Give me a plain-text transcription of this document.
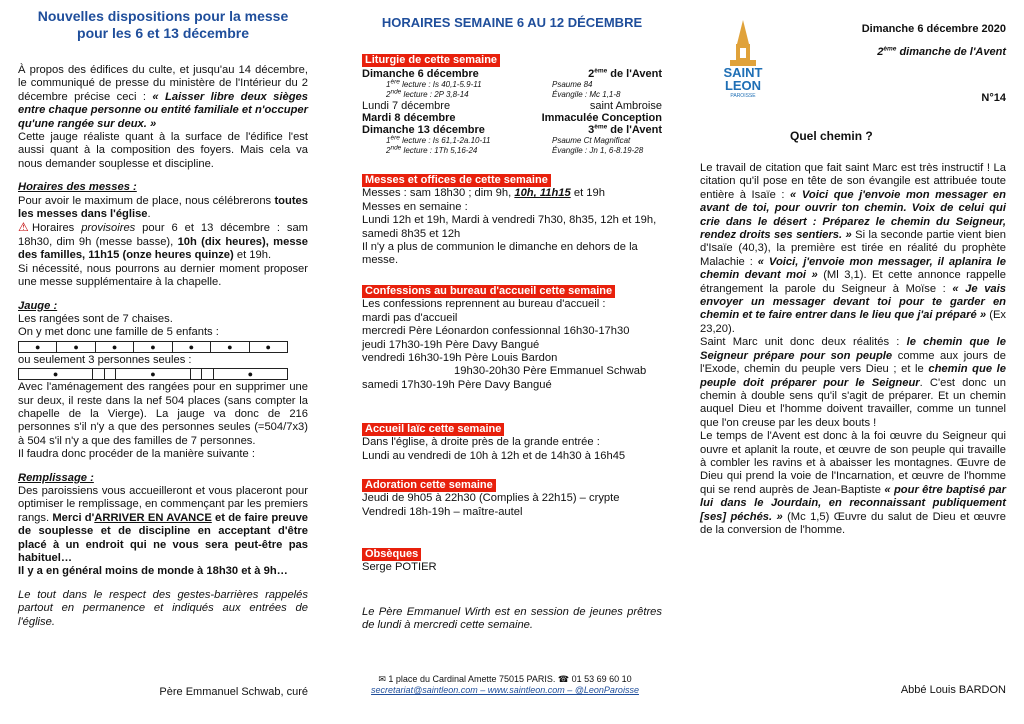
Nouvelles dispositions pour la messe
pour les 6 et 13 décembre

À propos des édifices du culte, et jusqu'au 14 décembre, le communiqué de presse du ministère de l'Intérieur du 2 décembre précise ceci : « Laisser libre deux sièges entre chaque personne ou entité familiale et n'occuper qu'une rangée sur deux. »

Cette jauge réaliste quant à la surface de l'édifice l'est aussi quant à la composition des foyers. Mais cela va nous demander souplesse et discipline.

Horaires des messes :

Pour avoir le maximum de place, nous célébrerons toutes les messes dans l'église.

⚠ Horaires provisoires pour 6 et 13 décembre : sam 18h30, dim 9h (messe basse), 10h (dix heures), messe des familles, 11h15 (onze heures quinze) et 19h.

Si nécessité, nous pourrons au dernier moment proposer une messe supplémentaire à la chapelle.

Jauge :

Les rangées sont de 7 chaises.

On y met donc une famille de 5 enfants :

●	●	●	●	●	●	●

ou seulement 3 personnes seules :

●			●			●

Avec l'aménagement des rangées pour en supprimer une sur deux, il reste dans la nef 504 places (sans compter la chapelle de la Vierge). La jauge va donc de 216 personnes s'il n'y a que des personnes seules (=504/7x3) à 504 s'il n'y a que des familles de 7 personnes.

Il faudra donc procéder de la manière suivante :

Remplissage :

Des paroissiens vous accueilleront et vous placeront pour optimiser le remplissage, en commençant par les premiers rangs. Merci d'ARRIVER EN AVANCE et de faire preuve de souplesse et de discipline en acceptant d'être placé à un endroit qui ne vous sera peut-être pas habituel…

Il y a en général moins de monde à 18h30 et à 9h…

Le tout dans le respect des gestes-barrières rappelés partout en permanence et indiqués aux entrées de l'église.

Père Emmanuel Schwab, curé
HORAIRES SEMAINE 6 AU 12 DÉCEMBRE
Liturgie de cette semaine
Dimanche 6 décembre	2ème de l'Avent
1ère lecture : Is 40,1-5.9-11	Psaume 84
2nde lecture : 2P 3,8-14	Évangile : Mc 1,1-8
Lundi 7 décembre	saint Ambroise
Mardi 8 décembre	Immaculée Conception
Dimanche 13 décembre	3ème de l'Avent
1ère lecture : Is 61,1-2a.10-11	Psaume Ct Magnificat
2nde lecture : 1Th 5,16-24	Évangile : Jn 1, 6-8.19-28
Messes et offices de cette semaine

Messes : sam 18h30 ; dim 9h, 10h, 11h15 et 19h

Messes en semaine :

Lundi 12h et 19h, Mardi à vendredi 7h30, 8h35, 12h et 19h, samedi 8h35 et 12h

Il n'y a plus de communion le dimanche en dehors de la messe.

Confessions au bureau d'accueil cette semaine

Les confessions reprennent au bureau d'accueil :

mardi pas d'accueil

mercredi Père Léonardon confessionnal 16h30-17h30

jeudi 17h30-19h Père Davy Bangué

vendredi 16h30-19h Père Louis Bardon

19h30-20h30 Père Emmanuel Schwab

samedi 17h30-19h Père Davy Bangué

Accueil laïc cette semaine

Dans l'église, à droite près de la grande entrée :

Lundi au vendredi de 10h à 12h et de 14h30 à 16h45

Adoration cette semaine

Jeudi de 9h05 à 22h30 (Complies à 22h15) – crypte

Vendredi 18h-19h – maître-autel

Obsèques

Serge POTIER

Le Père Emmanuel Wirth est en session de jeunes prêtres de lundi à mercredi cette semaine.
✉ 1 place du Cardinal Amette 75015 PARIS. ☎ 01 53 69 60 10
secretariat@saintleon.com – www.saintleon.com – @LeonParoisse
SAINT
LEON
PAROISSE
Dimanche 6 décembre 2020
2ème dimanche de l'Avent
N°14
Quel chemin ?

Le travail de citation que fait saint Marc est très instructif ! La citation qu'il pose en tête de son évangile est attribuée toute entière à Isaïe : « Voici que j'envoie mon messager en avant de toi, pour ouvrir ton chemin. Voix de celui qui crie dans le désert : Préparez le chemin du Seigneur, rendez droits ses sentiers. » Si la seconde partie vient bien d'Isaïe (40,3), la première est tirée en réalité du prophète Malachie : « Voici, j'envoie mon messager, il aplanira le chemin devant moi » (Ml 3,1). Et cette annonce rappelle étrangement la parole du Seigneur à Moïse : « Je vais envoyer un messager devant toi pour te garder en chemin et te faire entrer dans le lieu que j'ai préparé » (Ex 23,20).

Saint Marc unit donc deux réalités : le chemin que le Seigneur prépare pour son peuple comme aux jours de l'Exode, chemin du peuple vers Dieu ; et le chemin que le peuple doit préparer pour le Seigneur. C'est donc un chemin à double sens qu'il s'agit de préparer. Et un chemin auquel Dieu et l'homme doivent travailler, comme un tunnel que l'on creuse par les deux bouts !

Le temps de l'Avent est donc à la foi œuvre du Seigneur qui ouvre et aplanit la route, et œuvre de son peuple qui travaille à combler les ravins et à abaisser les montagnes. Œuvre de Dieu qui prend la voie de l'Incarnation, et œuvre de l'homme qui se rend auprès de Jean-Baptiste « pour être baptisé par lui dans le Jourdain, en reconnaissant publiquement [ses] péchés. » (Mc 1,5) Œuvre du salut de Dieu et œuvre de la conversion de l'homme.

Abbé Louis BARDON
